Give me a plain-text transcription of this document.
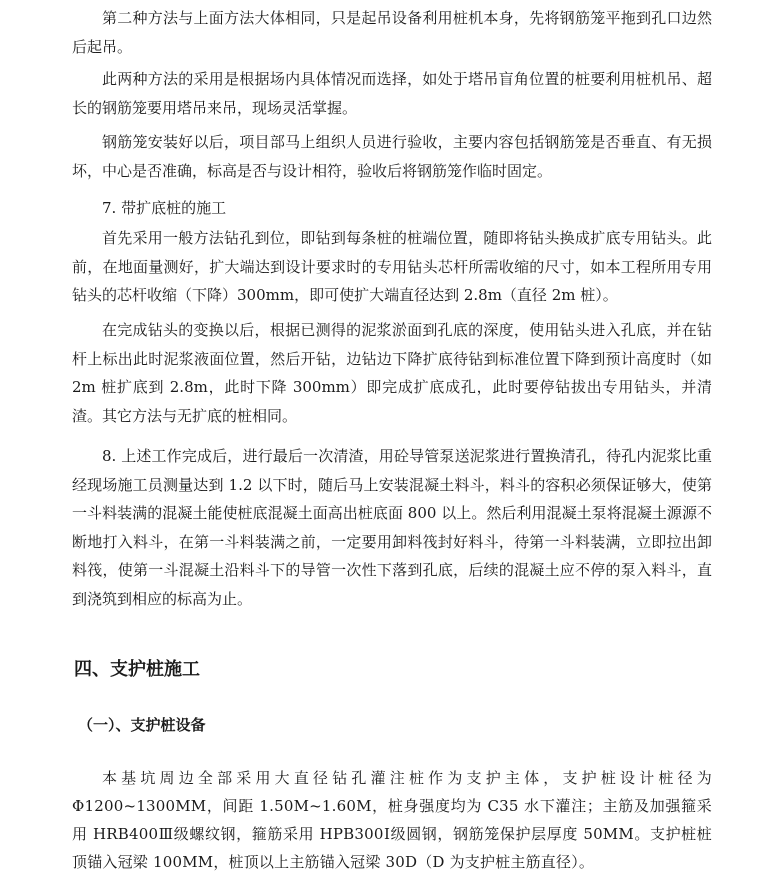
第二种方法与上面方法大体相同，只是起吊设备利用桩机本身，先将钢筋笼平拖到孔口边然后起吊。

此两种方法的采用是根据场内具体情况而选择，如处于塔吊盲角位置的桩要利用桩机吊、超长的钢筋笼要用塔吊来吊，现场灵活掌握。

钢筋笼安装好以后，项目部马上组织人员进行验收，主要内容包括钢筋笼是否垂直、有无损坏，中心是否准确，标高是否与设计相符，验收后将钢筋笼作临时固定。

7. 带扩底桩的施工

首先采用一般方法钻孔到位，即钻到每条桩的桩端位置，随即将钻头换成扩底专用钻头。此前，在地面量测好，扩大端达到设计要求时的专用钻头芯杆所需收缩的尺寸，如本工程所用专用钻头的芯杆收缩（下降）300mm，即可使扩大端直径达到 2.8m（直径 2m 桩）。

在完成钻头的变换以后，根据已测得的泥浆淤面到孔底的深度，使用钻头进入孔底，并在钻杆上标出此时泥浆液面位置，然后开钻，边钻边下降扩底待钻到标准位置下降到预计高度时（如 2m 桩扩底到 2.8m，此时下降 300mm）即完成扩底成孔，此时要停钻拔出专用钻头，并清渣。其它方法与无扩底的桩相同。

8. 上述工作完成后，进行最后一次清渣，用砼导管泵送泥浆进行置换清孔，待孔内泥浆比重经现场施工员测量达到 1.2 以下时，随后马上安装混凝土料斗，料斗的容积必须保证够大，使第一斗料装满的混凝土能使桩底混凝土面高出桩底面 800 以上。然后利用混凝土泵将混凝土源源不断地打入料斗，在第一斗料装满之前，一定要用卸料筏封好料斗，待第一斗料装满，立即拉出卸料筏，使第一斗混凝土沿料斗下的导管一次性下落到孔底，后续的混凝土应不停的泵入料斗，直到浇筑到相应的标高为止。

四、支护桩施工
（一）、支护桩设备

本基坑周边全部采用大直径钻孔灌注桩作为支护主体，支护桩设计桩径为Φ1200~1300MM，间距 1.50M~1.60M，桩身强度均为 C35 水下灌注；主筋及加强箍采用 HRB400Ⅲ级螺纹钢，箍筋采用 HPB300Ⅰ级圆钢，钢筋笼保护层厚度 50MM。支护桩桩顶锚入冠梁 100MM，桩顶以上主筋锚入冠梁 30D（D 为支护桩主筋直径）。
